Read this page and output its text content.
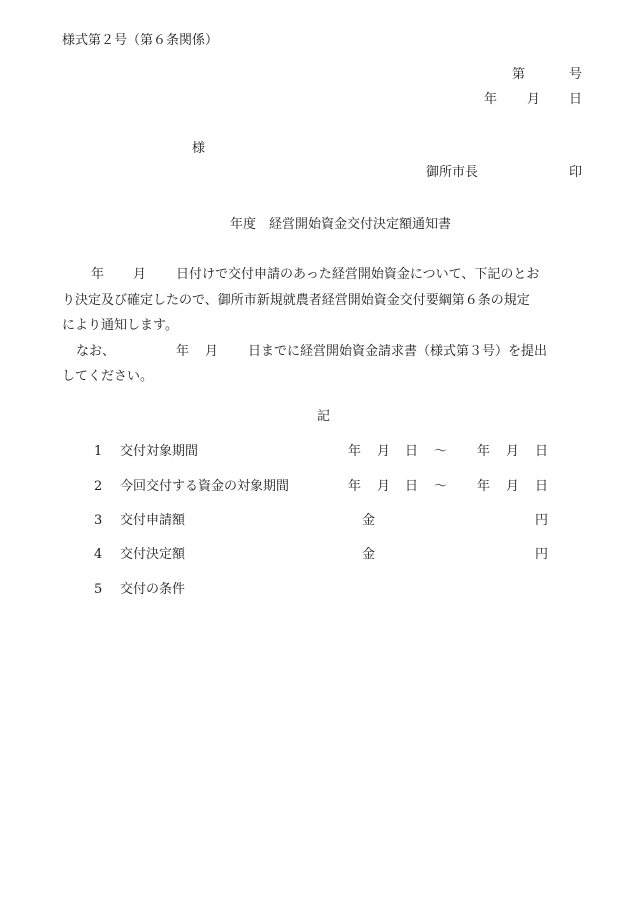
様式第２号（第６条関係）
第	号
年 月 日
様
御所市長	印
年度　経営開始資金交付決定額通知書
年 月 日付けで交付申請のあった経営開始資金について、下記のとお
り決定及び確定したので、御所市新規就農者経営開始資金交付要綱第６条の規定
により通知します。
なお、	年 月 日までに経営開始資金請求書（様式第３号）を提出
してください。
記
1 交付対象期間	年 月 日 ～ 年 月 日
2 今回交付する資金の対象期間	年 月 日 ～ 年 月 日
3 交付申請額	金	円
4 交付決定額	金	円
5 交付の条件
